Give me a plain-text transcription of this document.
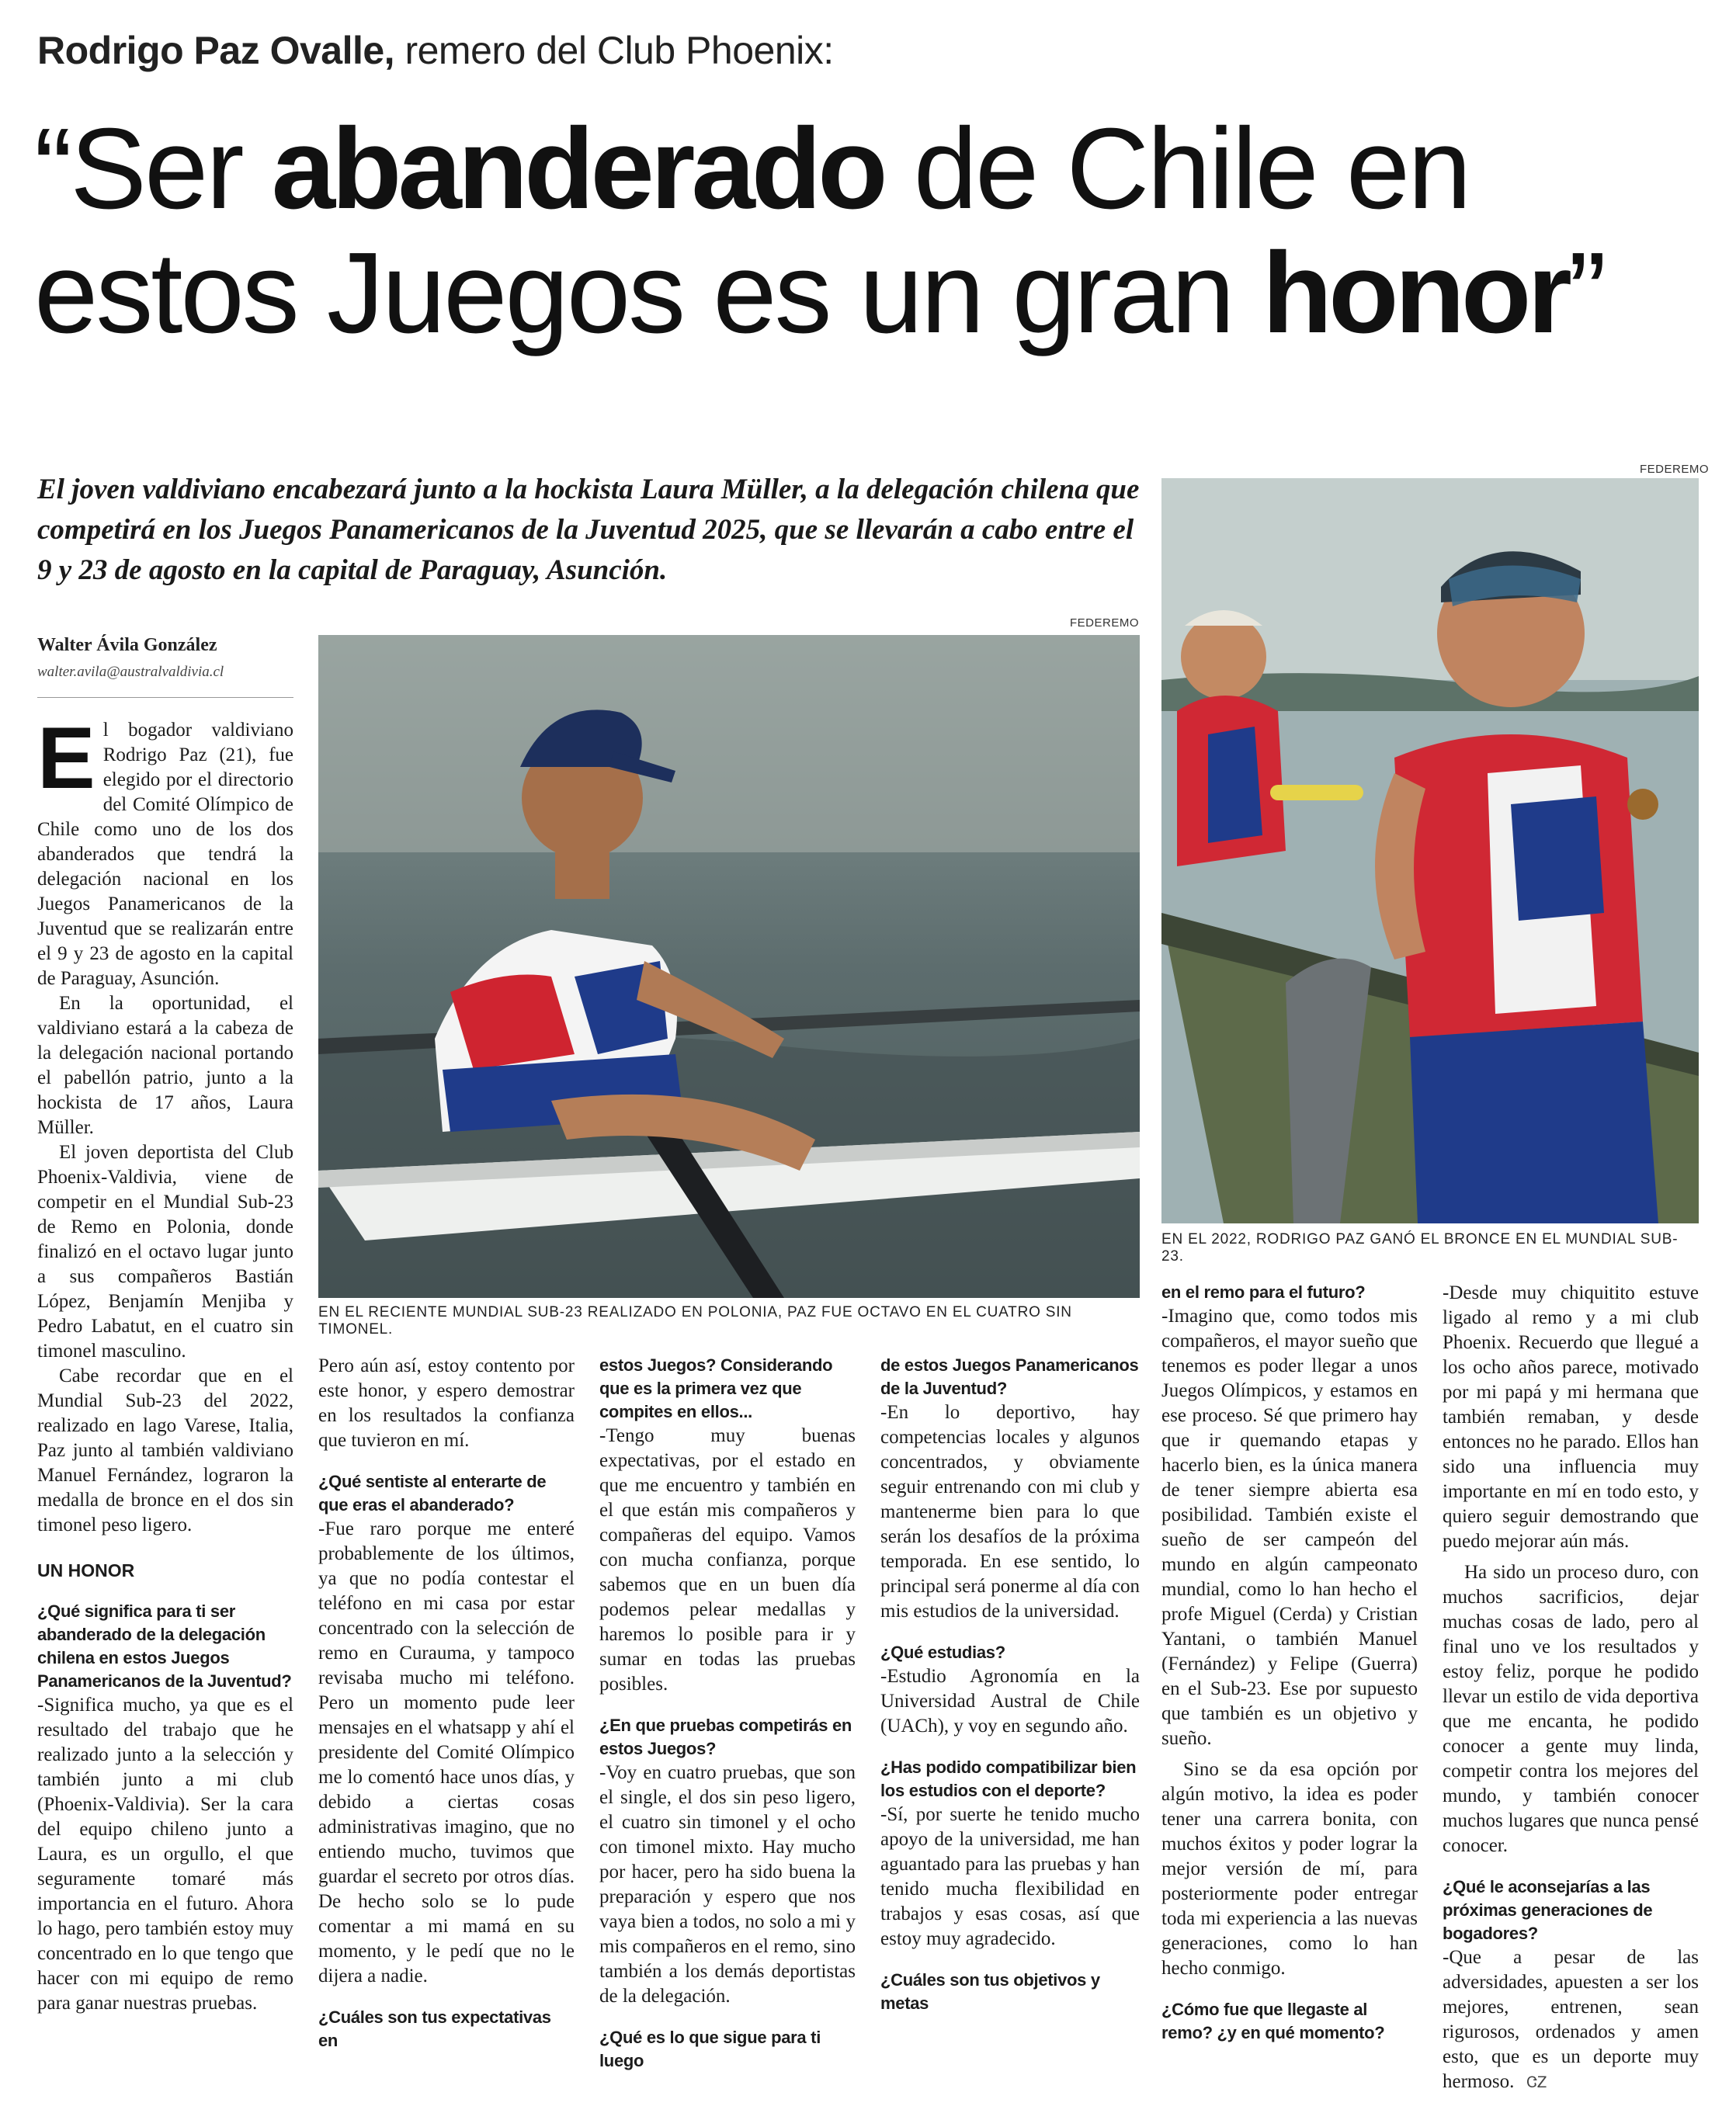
Rodrigo Paz Ovalle, remero del Club Phoenix:
“Ser abanderado de Chile en estos Juegos es un gran honor”
El joven valdiviano encabezará junto a la hockista Laura Müller, a la delegación chilena que competirá en los Juegos Panamericanos de la Juventud 2025, que se llevarán a cabo entre el 9 y 23 de agosto en la capital de Paraguay, Asunción.
FEDEREMO
FEDEREMO
EN EL RECIENTE MUNDIAL SUB-23 REALIZADO EN POLONIA, PAZ FUE OCTAVO EN EL CUATRO SIN TIMONEL.
EN EL 2022, RODRIGO PAZ GANÓ EL BRONCE EN EL MUNDIAL SUB-23.
Walter Ávila González
walter.avila@australvaldivia.cl

El bogador valdiviano Rodrigo Paz (21), fue elegido por el directorio del Comité Olímpico de Chile como uno de los dos abanderados que tendrá la delegación nacional en los Juegos Panamericanos de la Juventud que se realizarán entre el 9 y 23 de agosto en la capital de Paraguay, Asunción.

En la oportunidad, el valdiviano estará a la cabeza de la delegación nacional portando el pabellón patrio, junto a la hockista de 17 años, Laura Müller.

El joven deportista del Club Phoenix-Valdivia, viene de competir en el Mundial Sub-23 de Remo en Polonia, donde finalizó en el octavo lugar junto a sus compañeros Bastián López, Benjamín Menjiba y Pedro Labatut, en el cuatro sin timonel masculino.

Cabe recordar que en el Mundial Sub-23 del 2022, realizado en lago Varese, Italia, Paz junto al también valdiviano Manuel Fernández, lograron la medalla de bronce en el dos sin timonel peso ligero.

UN HONOR

¿Qué significa para ti ser abanderado de la delegación chilena en estos Juegos Panamericanos de la Juventud?

-Significa mucho, ya que es el resultado del trabajo que he realizado junto a la selección y también junto a mi club (Phoenix-Valdivia). Ser la cara del equipo chileno junto a Laura, es un orgullo, el que seguramente tomaré más importancia en el futuro. Ahora lo hago, pero también estoy muy concentrado en lo que tengo que hacer con mi equipo de remo para ganar nuestras pruebas.

Pero aún así, estoy contento por este honor, y espero demostrar en los resultados la confianza que tuvieron en mí.

¿Qué sentiste al enterarte de que eras el abanderado?

-Fue raro porque me enteré probablemente de los últimos, ya que no podía contestar el teléfono en mi casa por estar concentrado con la selección de remo en Curauma, y tampoco revisaba mucho mi teléfono. Pero un momento pude leer mensajes en el whatsapp y ahí el presidente del Comité Olímpico me lo comentó hace unos días, y debido a ciertas cosas administrativas imagino, que no entiendo mucho, tuvimos que guardar el secreto por otros días. De hecho solo se lo pude comentar a mi mamá en su momento, y le pedí que no le dijera a nadie.

¿Cuáles son tus expectativas en

estos Juegos? Considerando que es la primera vez que compites en ellos...

-Tengo muy buenas expectativas, por el estado en que me encuentro y también en el que están mis compañeros y compañeras del equipo. Vamos con mucha confianza, porque sabemos que en un buen día podemos pelear medallas y haremos lo posible para ir y sumar en todas las pruebas posibles.

¿En que pruebas competirás en estos Juegos?

-Voy en cuatro pruebas, que son el single, el dos sin peso ligero, el cuatro sin timonel y el ocho con timonel mixto. Hay mucho por hacer, pero ha sido buena la preparación y espero que nos vaya bien a todos, no solo a mi y mis compañeros en el remo, sino también a los demás deportistas de la delegación.

¿Qué es lo que sigue para ti luego

de estos Juegos Panamericanos de la Juventud?

-En lo deportivo, hay competencias locales y algunos concentrados, y obviamente seguir entrenando con mi club y mantenerme bien para lo que serán los desafíos de la próxima temporada. En ese sentido, lo principal será ponerme al día con mis estudios de la universidad.

¿Qué estudias?

-Estudio Agronomía en la Universidad Austral de Chile (UACh), y voy en segundo año.

¿Has podido compatibilizar bien los estudios con el deporte?

-Sí, por suerte he tenido mucho apoyo de la universidad, me han aguantado para las pruebas y han tenido mucha flexibilidad en trabajos y esas cosas, así que estoy muy agradecido.

¿Cuáles son tus objetivos y metas

en el remo para el futuro?

-Imagino que, como todos mis compañeros, el mayor sueño que tenemos es poder llegar a unos Juegos Olímpicos, y estamos en ese proceso. Sé que primero hay que ir quemando etapas y hacerlo bien, es la única manera de tener siempre abierta esa posibilidad. También existe el sueño de ser campeón del mundo en algún campeonato mundial, como lo han hecho el profe Miguel (Cerda) y Cristian Yantani, o también Manuel (Fernández) y Felipe (Guerra) en el Sub-23. Ese por supuesto que también es un objetivo y sueño.

Sino se da esa opción por algún motivo, la idea es poder tener una carrera bonita, con muchos éxitos y poder lograr la mejor versión de mí, para posteriormente poder entregar toda mi experiencia a las nuevas generaciones, como lo han hecho conmigo.

¿Cómo fue que llegaste al remo? ¿y en qué momento?

-Desde muy chiquitito estuve ligado al remo y a mi club Phoenix. Recuerdo que llegué a los ocho años parece, motivado por mi papá y mi hermana que también remaban, y desde entonces no he parado. Ellos han sido una influencia muy importante en mí en todo esto, y quiero seguir demostrando que puedo mejorar aún más.

Ha sido un proceso duro, con muchos sacrificios, dejar muchas cosas de lado, pero al final uno ve los resultados y estoy feliz, porque he podido llevar un estilo de vida deportiva que me encanta, he podido conocer a gente muy linda, competir contra los mejores del mundo, y también conocer muchos lugares que nunca pensé conocer.

¿Qué le aconsejarías a las próximas generaciones de bogadores?

-Que a pesar de las adversidades, apuesten a ser los mejores, entrenen, sean rigurosos, ordenados y amen esto, que es un deporte muy hermoso. ᏣᏃ
